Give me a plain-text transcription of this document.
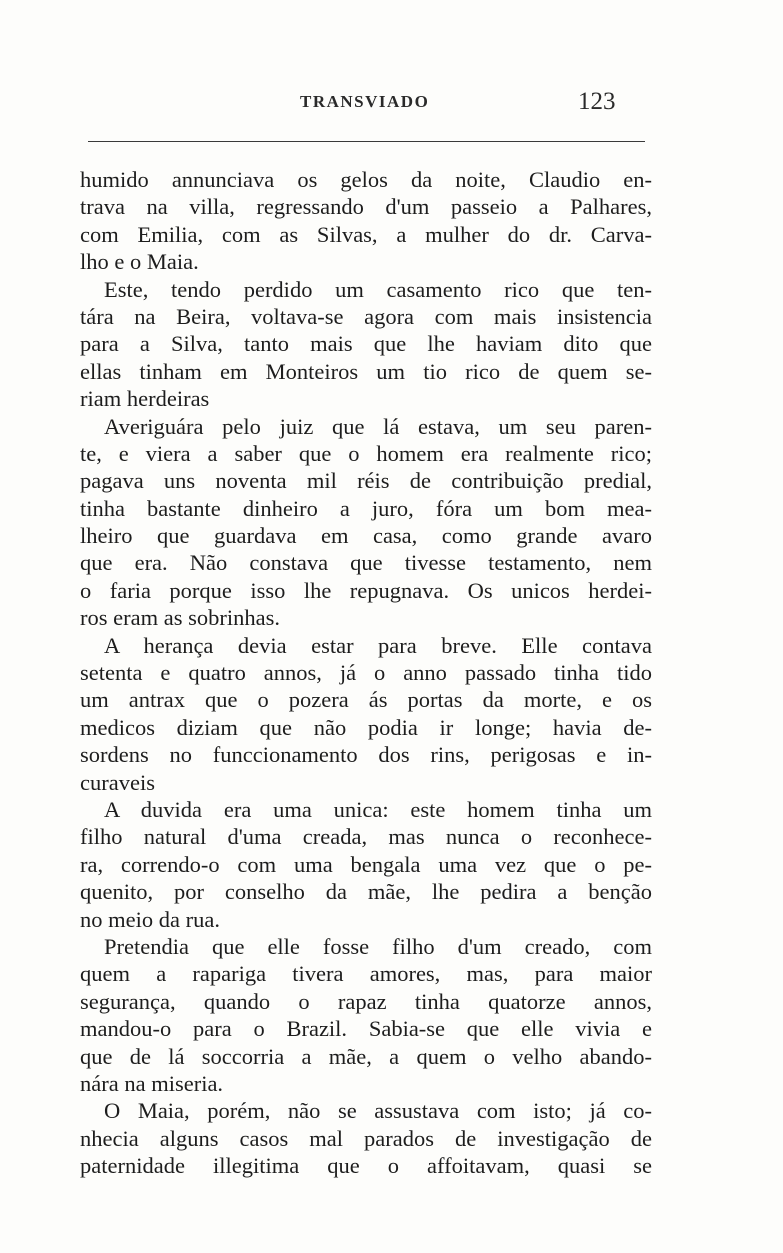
TRANSVIADO	123
humido annunciava os gelos da noite, Claudio en-
trava na villa, regressando d'um passeio a Palhares,
com Emilia, com as Silvas, a mulher do dr. Carva-
lho e o Maia.
Este, tendo perdido um casamento rico que ten-
tára na Beira, voltava-se agora com mais insistencia
para a Silva, tanto mais que lhe haviam dito que
ellas tinham em Monteiros um tio rico de quem se-
riam herdeiras
Averiguára pelo juiz que lá estava, um seu paren-
te, e viera a saber que o homem era realmente rico;
pagava uns noventa mil réis de contribuição predial,
tinha bastante dinheiro a juro, fóra um bom mea-
lheiro que guardava em casa, como grande avaro
que era. Não constava que tivesse testamento, nem
o faria porque isso lhe repugnava. Os unicos herdei-
ros eram as sobrinhas.
A herança devia estar para breve. Elle contava
setenta e quatro annos, já o anno passado tinha tido
um antrax que o pozera ás portas da morte, e os
medicos diziam que não podia ir longe; havia de-
sordens no funccionamento dos rins, perigosas e in-
curaveis
A duvida era uma unica: este homem tinha um
filho natural d'uma creada, mas nunca o reconhece-
ra, correndo-o com uma bengala uma vez que o pe-
quenito, por conselho da mãe, lhe pedira a benção
no meio da rua.
Pretendia que elle fosse filho d'um creado, com
quem a rapariga tivera amores, mas, para maior
segurança, quando o rapaz tinha quatorze annos,
mandou-o para o Brazil. Sabia-se que elle vivia e
que de lá soccorria a mãe, a quem o velho abando-
nára na miseria.
O Maia, porém, não se assustava com isto; já co-
nhecia alguns casos mal parados de investigação de
paternidade illegitima que o affoitavam, quasi se
